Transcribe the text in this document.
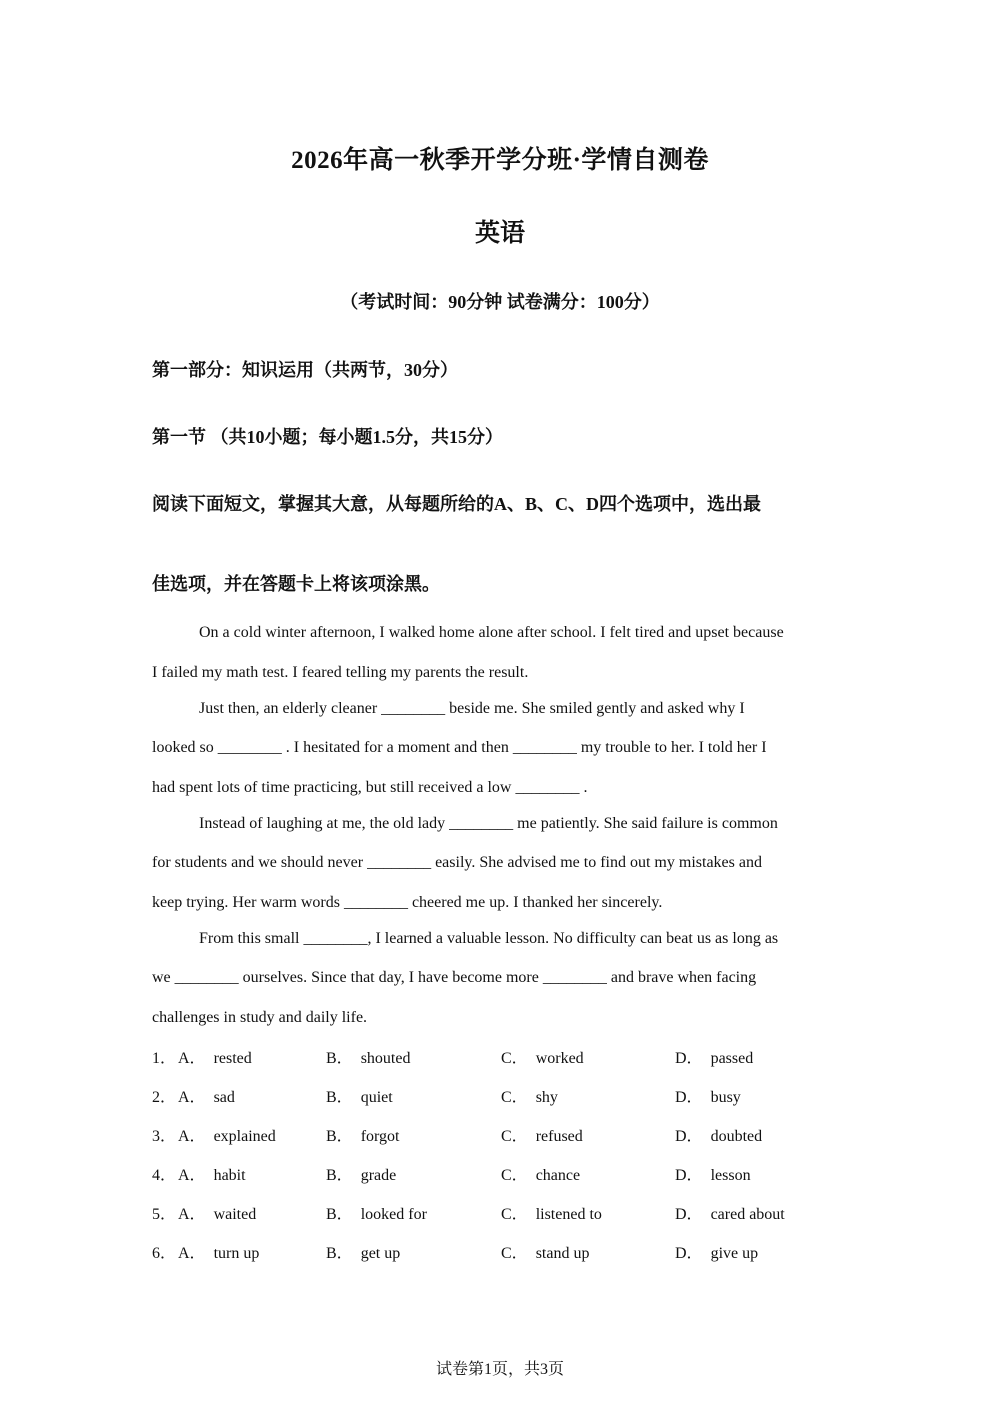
2026年高一秋季开学分班·学情自测卷
英语
（考试时间：90分钟 试卷满分：100分）
第一部分：知识运用（共两节，30分）
第一节 （共10小题；每小题1.5分，共15分）
阅读下面短文，掌握其大意，从每题所给的A、B、C、D四个选项中，选出最
佳选项，并在答题卡上将该项涂黑。
On a cold winter afternoon, I walked home alone after school. I felt tired and upset because
I failed my math test. I feared telling my parents the result.
Just then, an elderly cleaner ________ beside me. She smiled gently and asked why I
looked so ________ . I hesitated for a moment and then ________ my trouble to her. I told her I
had spent lots of time practicing, but still received a low ________ .
Instead of laughing at me, the old lady ________ me patiently. She said failure is common
for students and we should never ________ easily. She advised me to find out my mistakes and
keep trying. Her warm words ________ cheered me up. I thanked her sincerely.
From this small ________, I learned a valuable lesson. No difficulty can beat us as long as
we ________ ourselves. Since that day, I have become more ________ and brave when facing
challenges in study and daily life.
1． A． rested	B． shouted	C． worked	D． passed
2． A． sad	B． quiet	C． shy	D． busy
3． A． explained	B． forgot	C． refused	D． doubted
4． A． habit	B． grade	C． chance	D． lesson
5． A． waited	B． looked for	C． listened to	D． cared about
6． A． turn up	B． get up	C． stand up	D． give up
试卷第1页，共3页
